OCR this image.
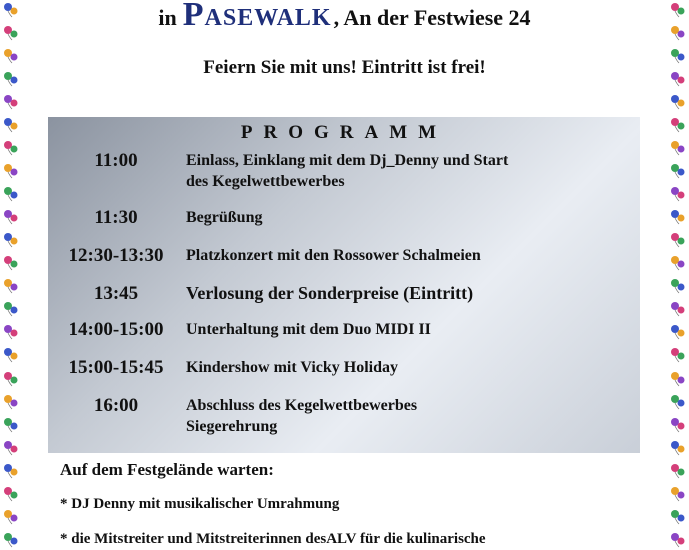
in Pasewalk, An der Festwiese 24
Feiern Sie mit uns! Eintritt ist frei!
PROGRAMM
11:00	Einlass, Einklang mit dem Dj_Denny und Start
des Kegelwettbewerbes
11:30	Begrüßung
12:30-13:30	Platzkonzert mit den Rossower Schalmeien
13:45	Verlosung der Sonderpreise (Eintritt)
14:00-15:00	Unterhaltung mit dem Duo MIDI II
15:00-15:45	Kindershow mit Vicky Holiday
16:00	Abschluss des Kegelwettbewerbes
Siegerehrung
Auf dem Festgelände warten:
* DJ Denny mit musikalischer Umrahmung
* die Mitstreiter und Mitstreiterinnen desALV für die kulinarische
